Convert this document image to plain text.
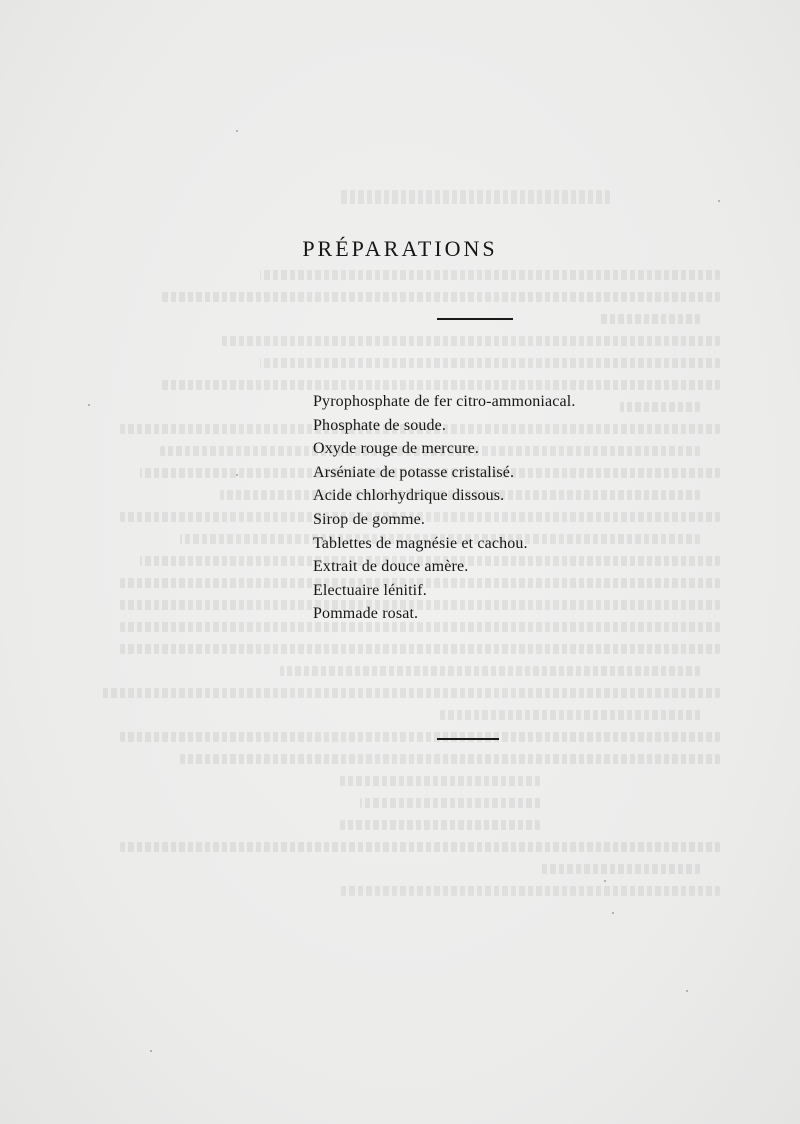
PRÉPARATIONS
Pyrophosphate de fer citro-ammoniacal.
Phosphate de soude.
Oxyde rouge de mercure.
Arséniate de potasse cristalisé.
Acide chlorhydrique dissous.
Sirop de gomme.
Tablettes de magnésie et cachou.
Extrait de douce amère.
Electuaire lénitif.
Pommade rosat.
